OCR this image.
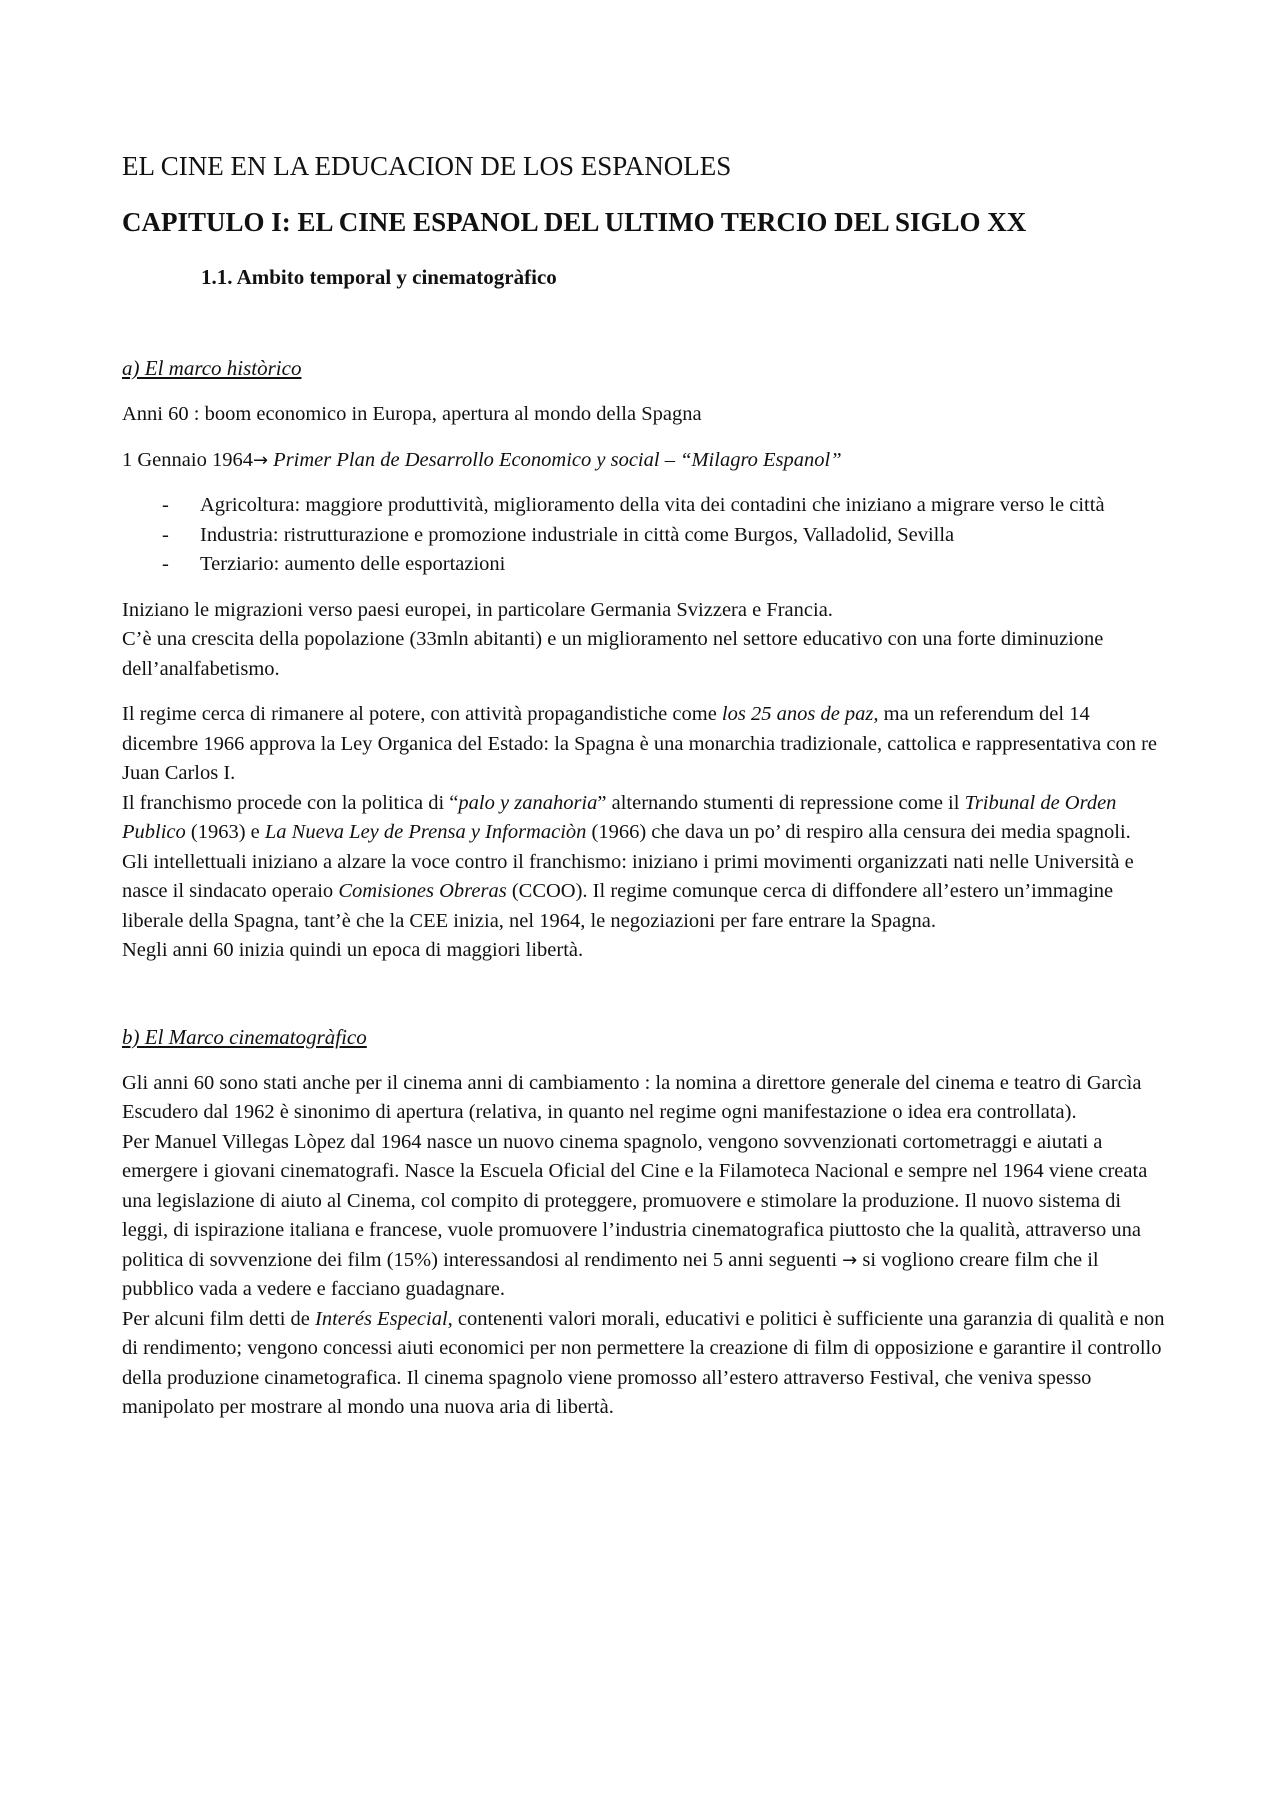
EL CINE EN LA EDUCACION DE LOS ESPANOLES
CAPITULO I: EL CINE ESPANOL DEL ULTIMO TERCIO DEL SIGLO XX
1.1. Ambito temporal y cinematogràfico
a) El marco històrico

Anni 60 : boom economico in Europa, apertura al mondo della Spagna

1 Gennaio 1964→ Primer Plan de Desarrollo Economico y social – “Milagro Espanol”

- Agricoltura: maggiore produttività, miglioramento della vita dei contadini che iniziano a migrare verso le città
- Industria: ristrutturazione e promozione industriale in città come Burgos, Valladolid, Sevilla
- Terziario: aumento delle esportazioni

Iniziano le migrazioni verso paesi europei, in particolare Germania Svizzera e Francia.

C’è una crescita della popolazione (33mln abitanti) e un miglioramento nel settore educativo con una forte diminuzione dell’analfabetismo.

Il regime cerca di rimanere al potere, con attività propagandistiche come los 25 anos de paz, ma un referendum del 14 dicembre 1966 approva la Ley Organica del Estado: la Spagna è una monarchia tradizionale, cattolica e rappresentativa con re Juan Carlos I.

Il franchismo procede con la politica di “palo y zanahoria” alternando stumenti di repressione come il Tribunal de Orden Publico (1963) e La Nueva Ley de Prensa y Informaciòn (1966) che dava un po’ di respiro alla censura dei media spagnoli.

Gli intellettuali iniziano a alzare la voce contro il franchismo: iniziano i primi movimenti organizzati nati nelle Università e nasce il sindacato operaio Comisiones Obreras (CCOO). Il regime comunque cerca di diffondere all’estero un’immagine liberale della Spagna, tant’è che la CEE inizia, nel 1964, le negoziazioni per fare entrare la Spagna.

Negli anni 60 inizia quindi un epoca di maggiori libertà.

b) El Marco cinematogràfico

Gli anni 60 sono stati anche per il cinema anni di cambiamento : la nomina a direttore generale del cinema e teatro di Garcìa Escudero dal 1962 è sinonimo di apertura (relativa, in quanto nel regime ogni manifestazione o idea era controllata).

Per Manuel Villegas Lòpez dal 1964 nasce un nuovo cinema spagnolo, vengono sovvenzionati cortometraggi e aiutati a emergere i giovani cinematografi. Nasce la Escuela Oficial del Cine e la Filamoteca Nacional e sempre nel 1964 viene creata una legislazione di aiuto al Cinema, col compito di proteggere, promuovere e stimolare la produzione. Il nuovo sistema di leggi, di ispirazione italiana e francese, vuole promuovere l’industria cinematografica piuttosto che la qualità, attraverso una politica di sovvenzione dei film (15%) interessandosi al rendimento nei 5 anni seguenti → si vogliono creare film che il pubblico vada a vedere e facciano guadagnare.

Per alcuni film detti de Interés Especial, contenenti valori morali, educativi e politici è sufficiente una garanzia di qualità e non di rendimento; vengono concessi aiuti economici per non permettere la creazione di film di opposizione e garantire il controllo della produzione cinametografica. Il cinema spagnolo viene promosso all’estero attraverso Festival, che veniva spesso manipolato per mostrare al mondo una nuova aria di libertà.
